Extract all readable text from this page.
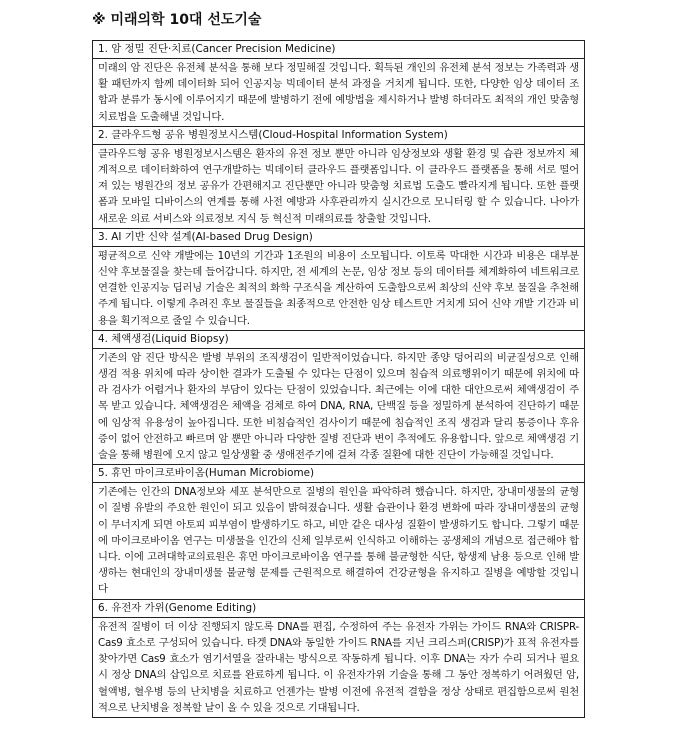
※ 미래의학 10대 선도기술
1. 암 정밀 진단·치료(Cancer Precision Medicine)
미래의 암 진단은 유전체 분석을 통해 보다 정밀해질 것입니다. 획득된 개인의 유전체 분석 정보는 가족력과 생활 패턴까지 함께 데이터화 되어 인공지능 빅데이터 분석 과정을 거치게 됩니다. 또한, 다양한 임상 데이터 조합과 분류가 동시에 이루어지기 때문에 발병하기 전에 예방법을 제시하거나 발병 하더라도 최적의 개인 맞춤형 치료법을 도출해낼 것입니다.
2. 클라우드형 공유 병원정보시스템(Cloud-Hospital Information System)
클라우드형 공유 병원정보시스템은 환자의 유전 정보 뿐만 아니라 임상정보와 생활 환경 및 습관 정보까지 체계적으로 데이터화하여 연구개발하는 빅데이터 클라우드 플랫폼입니다. 이 클라우드 플랫폼을 통해 서로 떨어져 있는 병원간의 정보 공유가 간편해지고 진단뿐만 아니라 맞춤형 치료법 도출도 빨라지게 됩니다. 또한 플랫폼과 모바일 디바이스의 연계를 통해 사전 예방과 사후관리까지 실시간으로 모니터링 할 수 있습니다. 나아가 새로운 의료 서비스와 의료정보 지식 등 혁신적 미래의료를 창출할 것입니다.
3. AI 기반 신약 설계(AI-based Drug Design)
평균적으로 신약 개발에는 10년의 기간과 1조원의 비용이 소모됩니다. 이토록 막대한 시간과 비용은 대부분 신약 후보물질을 찾는데 들어갑니다. 하지만, 전 세계의 논문, 임상 정보 등의 데이터를 체계화하여 네트워크로 연결한 인공지능 딥러닝 기술은 최적의 화학 구조식을 계산하여 도출함으로써 최상의 신약 후보 물질을 추천해 주게 됩니다. 이렇게 추려진 후보 물질들을 최종적으로 안전한 임상 테스트만 거치게 되어 신약 개발 기간과 비용을 획기적으로 줄일 수 있습니다.
4. 체액생검(Liquid Biopsy)
기존의 암 진단 방식은 발병 부위의 조직생검이 일반적이었습니다. 하지만 종양 덩어리의 비균질성으로 인해 생검 적용 위치에 따라 상이한 결과가 도출될 수 있다는 단점이 있으며 침습적 의료행위이기 때문에 위치에 따라 검사가 어렵거나 환자의 부담이 있다는 단점이 있었습니다. 최근에는 이에 대한 대안으로써 체액생검이 주목 받고 있습니다. 체액생검은 체액을 검체로 하여 DNA, RNA, 단백질 등을 정밀하게 분석하여 진단하기 때문에 임상적 유용성이 높아집니다. 또한 비침습적인 검사이기 때문에 침습적인 조직 생검과 달리 통증이나 후유증이 없어 안전하고 빠르며 암 뿐만 아니라 다양한 질병 진단과 변이 추적에도 유용합니다. 앞으로 체액생검 기술을 통해 병원에 오지 않고 일상생활 중 생애전주기에 걸쳐 각종 질환에 대한 진단이 가능해질 것입니다.
5. 휴먼 마이크로바이옴(Human Microbiome)
기존에는 인간의 DNA정보와 세포 분석만으로 질병의 원인을 파악하려 했습니다. 하지만, 장내미생물의 균형이 질병 유발의 주요한 원인이 되고 있음이 밝혀졌습니다. 생활 습관이나 환경 변화에 따라 장내미생물의 균형이 무너지게 되면 아토피 피부염이 발생하기도 하고, 비만 같은 대사성 질환이 발생하기도 합니다. 그렇기 때문에 마이크로바이옴 연구는 미생물을 인간의 신체 일부로써 인식하고 이해하는 공생체의 개념으로 접근해야 합니다. 이에 고려대학교의료원은 휴먼 마이크로바이옴 연구를 통해 불균형한 식단, 항생제 남용 등으로 인해 발생하는 현대인의 장내미생물 불균형 문제를 근원적으로 해결하여 건강균형을 유지하고 질병을 예방할 것입니다
6. 유전자 가위(Genome Editing)
유전적 질병이 더 이상 진행되지 않도록 DNA를 편집, 수정하여 주는 유전자 가위는 가이드 RNA와 CRISPR-Cas9 효소로 구성되어 있습니다. 타겟 DNA와 동일한 가이드 RNA를 지닌 크리스퍼(CRISP)가 표적 유전자를 찾아가면 Cas9 효소가 염기서열을 잘라내는 방식으로 작동하게 됩니다. 이후 DNA는 자가 수리 되거나 필요 시 정상 DNA의 삽입으로 치료를 완료하게 됩니다. 이 유전자가위 기술을 통해 그 동안 정복하기 어려웠던 암, 혈액병, 혈우병 등의 난치병을 치료하고 언젠가는 발병 이전에 유전적 결함을 정상 상태로 편집함으로써 원천적으로 난치병을 정복할 날이 올 수 있을 것으로 기대됩니다.
